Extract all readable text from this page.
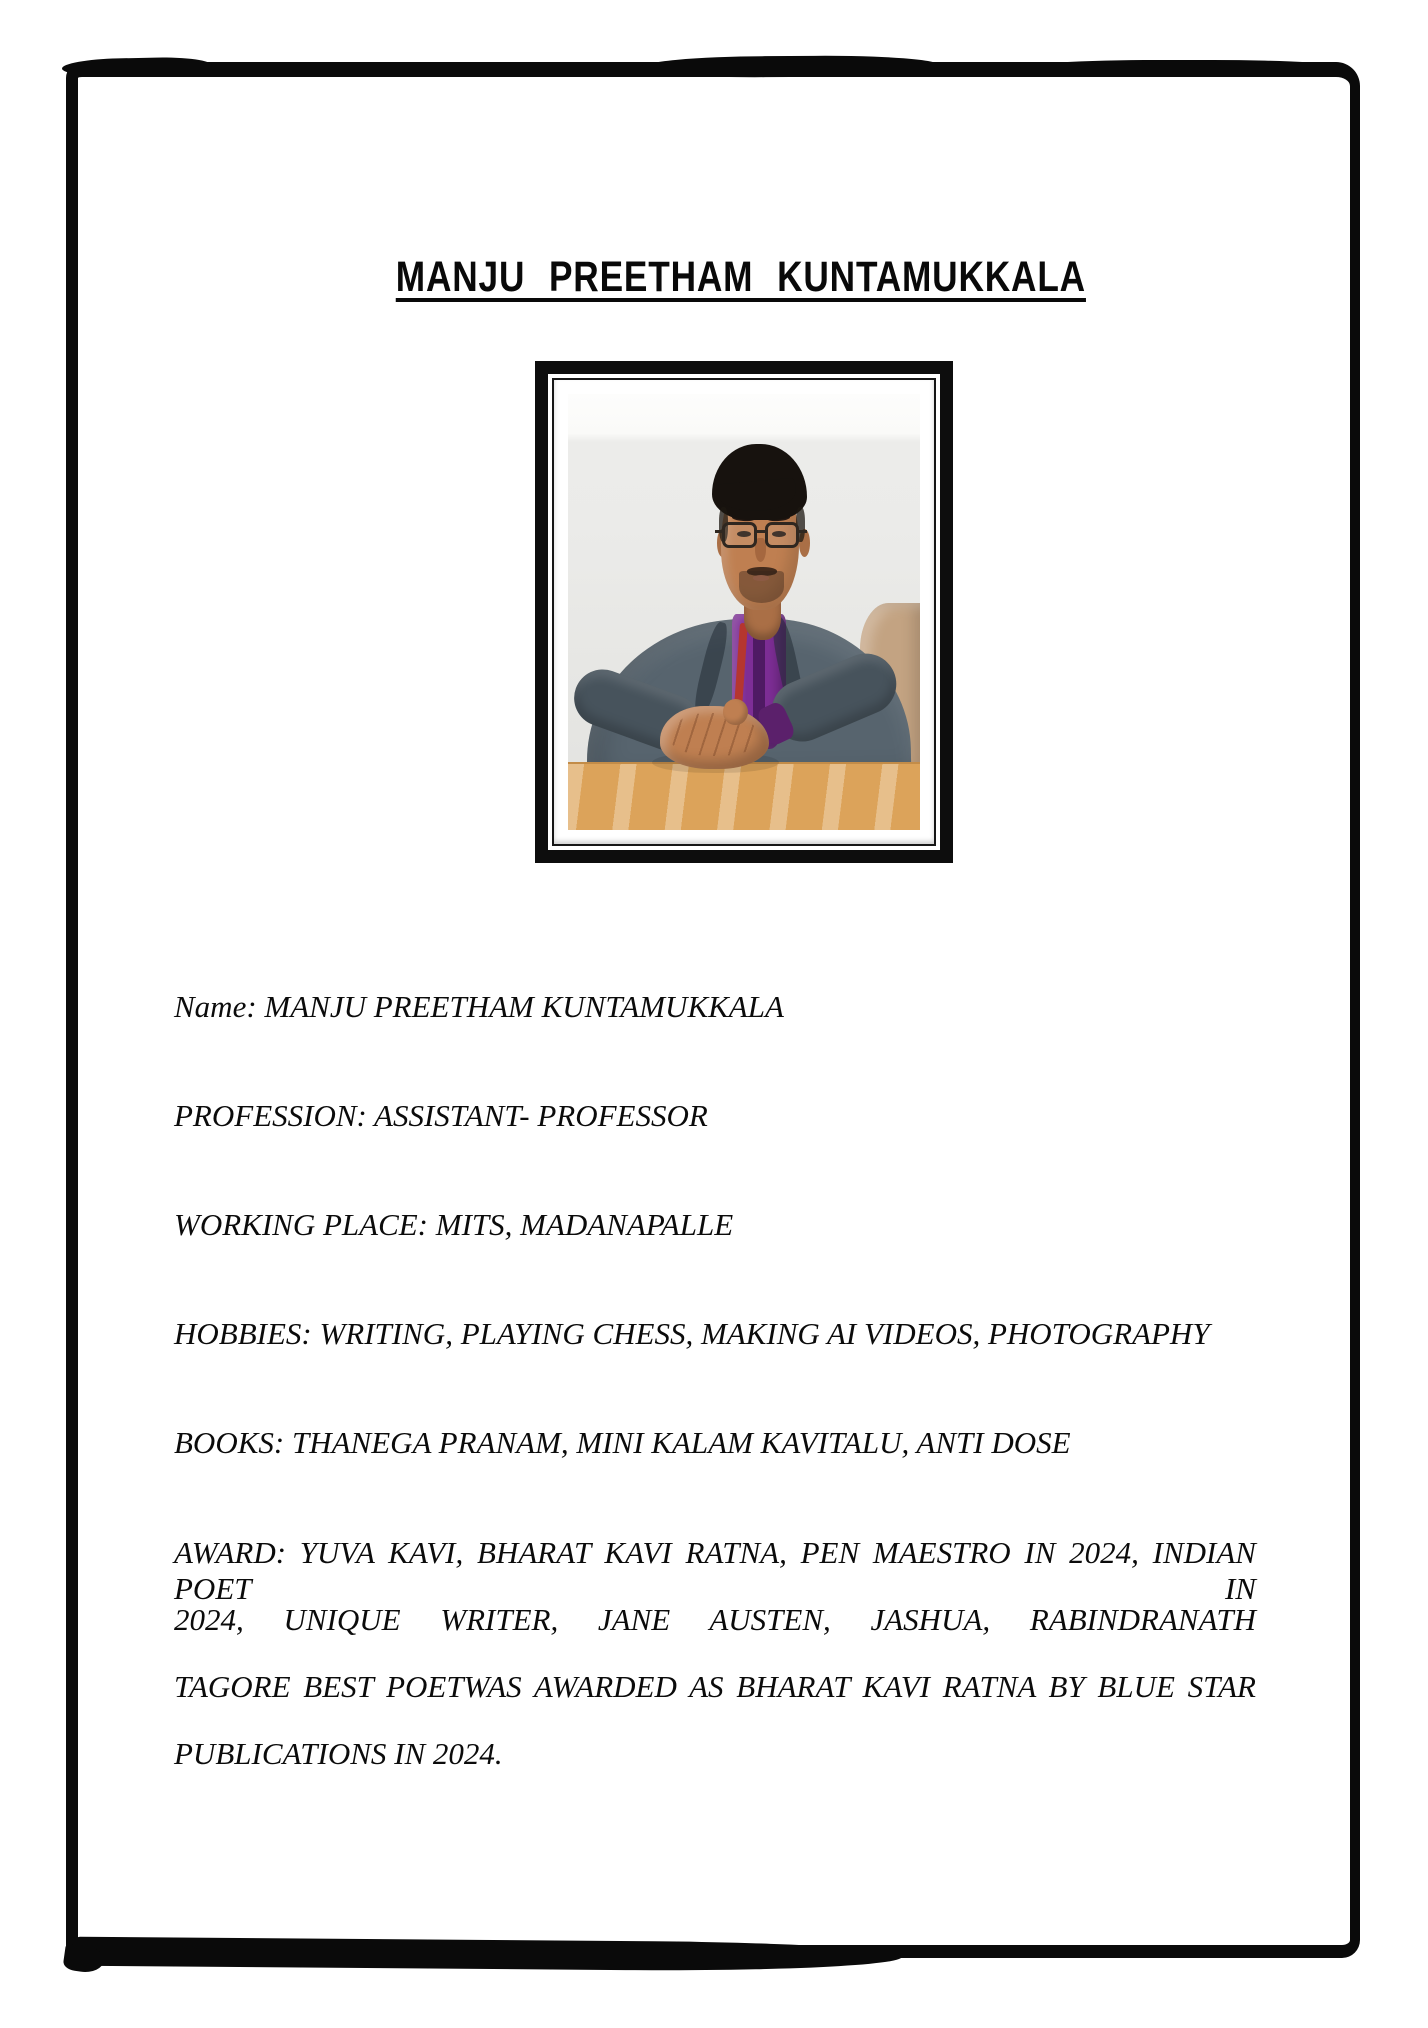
MANJU PREETHAM KUNTAMUKKALA
Name: MANJU PREETHAM KUNTAMUKKALA
PROFESSION: ASSISTANT- PROFESSOR
WORKING PLACE: MITS, MADANAPALLE
HOBBIES: WRITING, PLAYING CHESS, MAKING AI VIDEOS, PHOTOGRAPHY
BOOKS: THANEGA PRANAM, MINI KALAM KAVITALU, ANTI DOSE
AWARD: YUVA KAVI, BHARAT KAVI RATNA, PEN MAESTRO IN 2024, INDIAN POET IN
2024, UNIQUE WRITER, JANE AUSTEN, JASHUA, RABINDRANATH
TAGORE BEST POETWAS AWARDED AS BHARAT KAVI RATNA BY BLUE STAR
PUBLICATIONS IN 2024.
